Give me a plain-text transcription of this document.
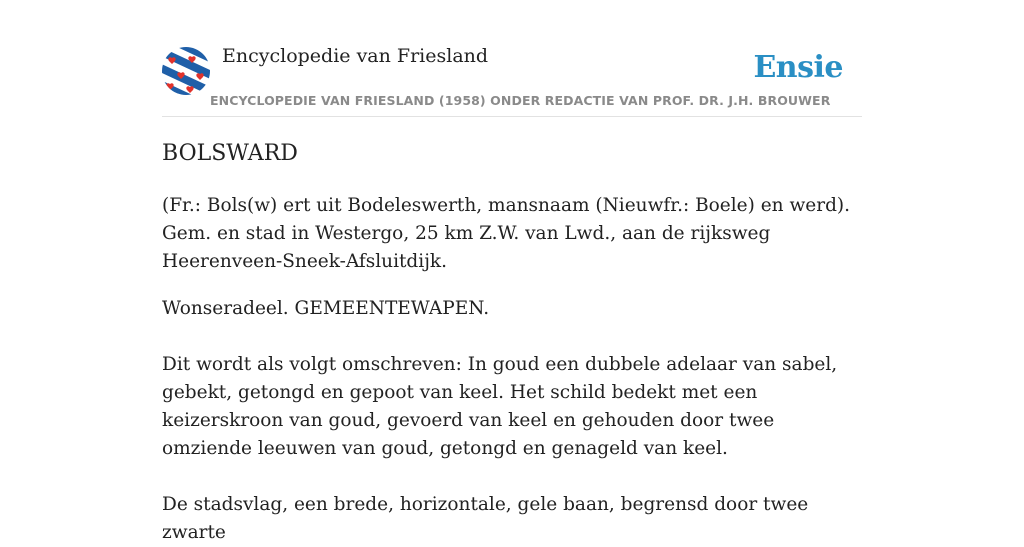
Encyclopedie van Friesland
ENCYCLOPEDIE VAN FRIESLAND (1958) ONDER REDACTIE VAN PROF. DR. J.H. BROUWER
Ensie
BOLSWARD

(Fr.: Bols(w) ert uit Bodeleswerth, mansnaam (Nieuwfr.: Boele) en werd). Gem. en stad in Westergo, 25 km Z.W. van Lwd., aan de rijksweg Heerenveen-Sneek-Afsluitdijk.

Wonseradeel. GEMEENTEWAPEN.

Dit wordt als volgt omschreven: In goud een dubbele adelaar van sabel, gebekt, getongd en gepoot van keel. Het schild bedekt met een keizerskroon van goud, gevoerd van keel en gehouden door twee omziende leeuwen van goud, getongd en genageld van keel.

De stadsvlag, een brede, horizontale, gele baan, begrensd door twee zwarte
